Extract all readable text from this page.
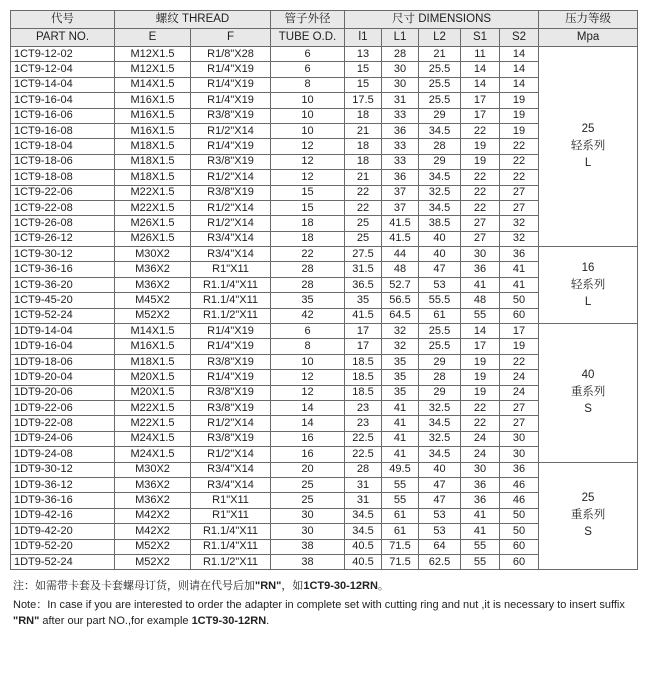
代号	螺纹 THREAD		管子外径	尺寸 DIMENSIONS					压力等级
PART NO.	E	F	TUBE O.D.	l1	L1	L2	S1	S2	Mpa
1CT9-12-02	M12X1.5	R1/8"X28	6	13	28	21	11	14	25
轻系列
L

1CT9-12-04	M12X1.5	R1/4"X19	6	15	30	25.5	14	14	
1CT9-14-04	M14X1.5	R1/4"X19	8	15	30	25.5	14	14	
1CT9-16-04	M16X1.5	R1/4"X19	10	17.5	31	25.5	17	19	
1CT9-16-06	M16X1.5	R3/8"X19	10	18	33	29	17	19	
1CT9-16-08	M16X1.5	R1/2"X14	10	21	36	34.5	22	19	
1CT9-18-04	M18X1.5	R1/4"X19	12	18	33	28	19	22	
1CT9-18-06	M18X1.5	R3/8"X19	12	18	33	29	19	22	
1CT9-18-08	M18X1.5	R1/2"X14	12	21	36	34.5	22	22	
1CT9-22-06	M22X1.5	R3/8"X19	15	22	37	32.5	22	27	
1CT9-22-08	M22X1.5	R1/2"X14	15	22	37	34.5	22	27	
1CT9-26-08	M26X1.5	R1/2"X14	18	25	41.5	38.5	27	32	
1CT9-26-12	M26X1.5	R3/4"X14	18	25	41.5	40	27	32	
1CT9-30-12	M30X2	R3/4"X14	22	27.5	44	40	30	36	16
轻系列
L

1CT9-36-16	M36X2	R1"X11	28	31.5	48	47	36	41	
1CT9-36-20	M36X2	R1.1/4"X11	28	36.5	52.7	53	41	41	
1CT9-45-20	M45X2	R1.1/4"X11	35	35	56.5	55.5	48	50	
1CT9-52-24	M52X2	R1.1/2"X11	42	41.5	64.5	61	55	60	
1DT9-14-04	M14X1.5	R1/4"X19	6	17	32	25.5	14	17	40
重系列
S

1DT9-16-04	M16X1.5	R1/4"X19	8	17	32	25.5	17	19	
1DT9-18-06	M18X1.5	R3/8"X19	10	18.5	35	29	19	22	
1DT9-20-04	M20X1.5	R1/4"X19	12	18.5	35	28	19	24	
1DT9-20-06	M20X1.5	R3/8"X19	12	18.5	35	29	19	24	
1DT9-22-06	M22X1.5	R3/8"X19	14	23	41	32.5	22	27	
1DT9-22-08	M22X1.5	R1/2"X14	14	23	41	34.5	22	27	
1DT9-24-06	M24X1.5	R3/8"X19	16	22.5	41	32.5	24	30	
1DT9-24-08	M24X1.5	R1/2"X14	16	22.5	41	34.5	24	30	
1DT9-30-12	M30X2	R3/4"X14	20	28	49.5	40	30	36	25
重系列
S

1DT9-36-12	M36X2	R3/4"X14	25	31	55	47	36	46	
1DT9-36-16	M36X2	R1"X11	25	31	55	47	36	46	
1DT9-42-16	M42X2	R1"X11	30	34.5	61	53	41	50	
1DT9-42-20	M42X2	R1.1/4"X11	30	34.5	61	53	41	50	
1DT9-52-20	M52X2	R1.1/4"X11	38	40.5	71.5	64	55	60	
1DT9-52-24	M52X2	R1.1/2"X11	38	40.5	71.5	62.5	55	60	

注：如需带卡套及卡套螺母订货，则请在代号后加"RN"，如1CT9-30-12RN。

Note：In case if you are interested to order the adapter in complete set with cutting ring and nut ,it is necessary to insert suffix "RN" after our part NO.,for example 1CT9-30-12RN.
